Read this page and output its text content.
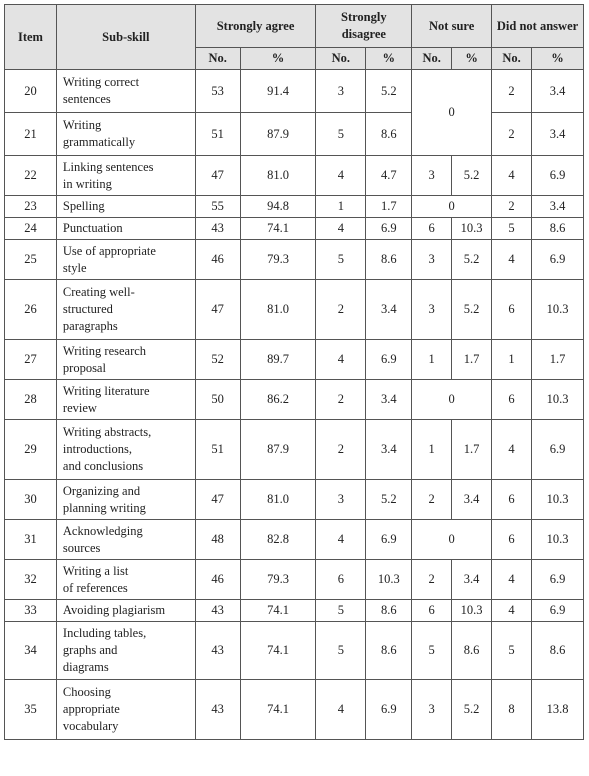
Item	Sub-skill	Strongly agree		Strongly disagree		Not sure		Did not answer	
		No.	%	No.	%	No.	%	No.	%
20	Writing correct
sentences	53	91.4	3	5.2	0		2	3.4
21	Writing
grammatically	51	87.9	5	8.6			2	3.4
22	Linking sentences
in writing	47	81.0	4	4.7	3	5.2	4	6.9
23	Spelling	55	94.8	1	1.7	0		2	3.4
24	Punctuation	43	74.1	4	6.9	6	10.3	5	8.6
25	Use of appropriate
style	46	79.3	5	8.6	3	5.2	4	6.9
26	Creating well-
structured
paragraphs	47	81.0	2	3.4	3	5.2	6	10.3
27	Writing research
proposal	52	89.7	4	6.9	1	1.7	1	1.7
28	Writing literature
review	50	86.2	2	3.4	0		6	10.3
29	Writing abstracts,
introductions,
and conclusions	51	87.9	2	3.4	1	1.7	4	6.9
30	Organizing and
planning writing	47	81.0	3	5.2	2	3.4	6	10.3
31	Acknowledging
sources	48	82.8	4	6.9	0		6	10.3
32	Writing a list
of references	46	79.3	6	10.3	2	3.4	4	6.9
33	Avoiding plagiarism	43	74.1	5	8.6	6	10.3	4	6.9
34	Including tables,
graphs and
diagrams	43	74.1	5	8.6	5	8.6	5	8.6
35	Choosing
appropriate
vocabulary	43	74.1	4	6.9	3	5.2	8	13.8
